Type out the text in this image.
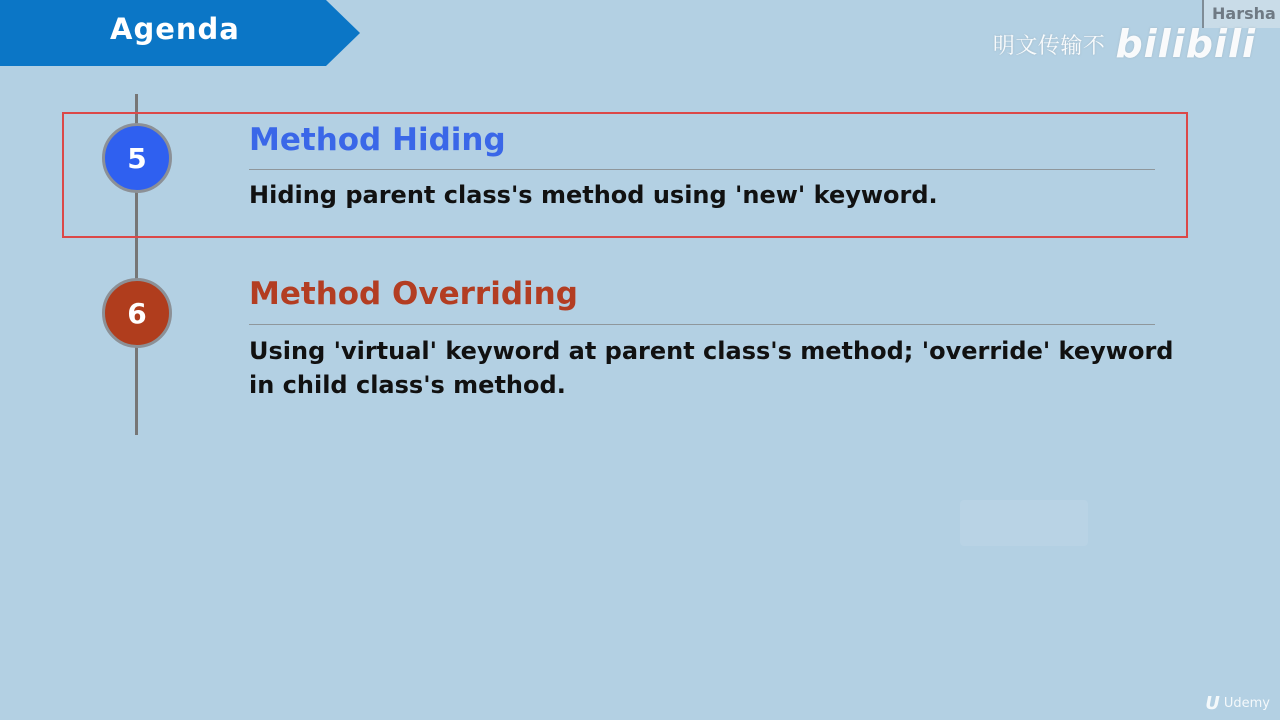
Agenda	Harsha
明文传输不 bilibili
5	Method Hiding
Hiding parent class's method using 'new' keyword.
6
Method Overriding
Using 'virtual' keyword at parent class's method; 'override' keyword in child class's method.
U Udemy
